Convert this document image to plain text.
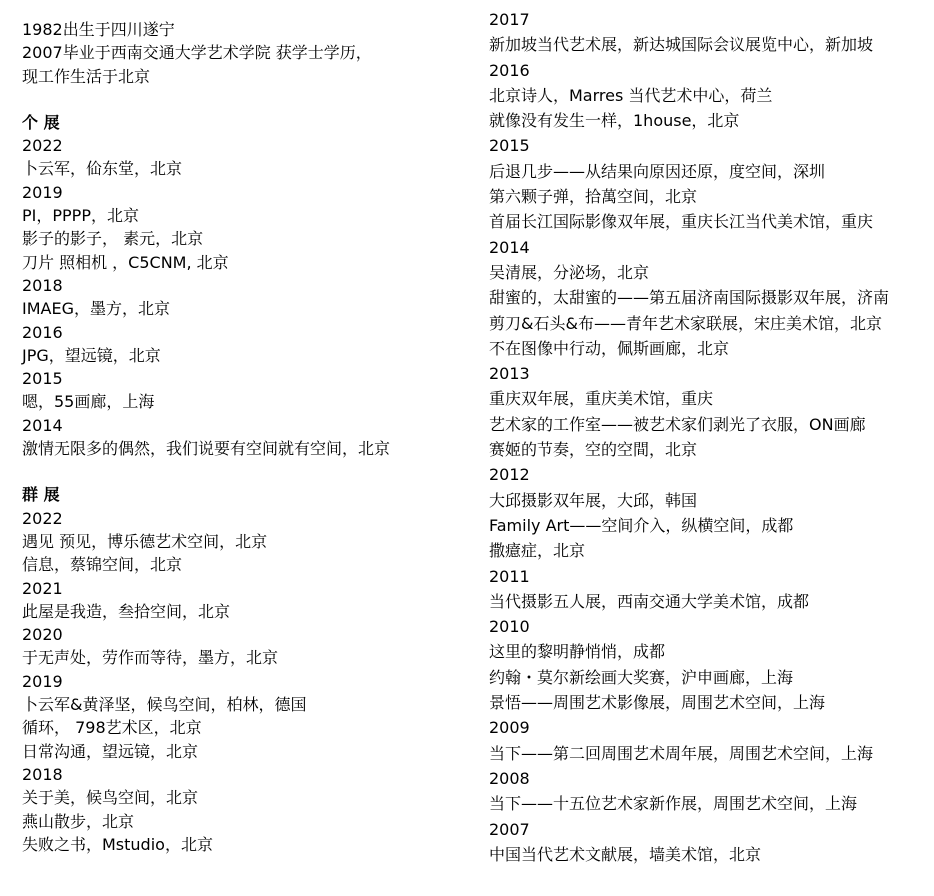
1982出生于四川遂宁
2007毕业于西南交通大学艺术学院 获学士学历，
现工作生活于北京
个 展
2022
卜云军，佡东堂，北京
2019
PI，PPPP，北京
影子的影子， 素元，北京
刀片 照相机 ，C5CNM, 北京
2018
IMAEG，墨方，北京
2016
JPG，望远镜，北京
2015
嗯，55画廊，上海
2014
激情无限多的偶然，我们说要有空间就有空间，北京
群 展
2022
遇见 预见，博乐德艺术空间，北京
信息，蔡锦空间，北京
2021
此屋是我造，叁拾空间，北京
2020
于无声处，劳作而等待，墨方，北京
2019
卜云军&黄泽坚，候鸟空间，柏林，德国
循环， 798艺术区，北京
日常沟通，望远镜，北京
2018
关于美，候鸟空间，北京
燕山散步，北京
失败之书，Mstudio，北京
2017
新加坡当代艺术展，新达城国际会议展览中心，新加坡
2016
北京诗人，Marres 当代艺术中心，荷兰
就像没有发生一样，1house，北京
2015
后退几步——从结果向原因还原，度空间，深圳
第六颗子弹，拾萬空间，北京
首届长江国际影像双年展，重庆长江当代美术馆，重庆
2014
吴清展，分泌场，北京
甜蜜的，太甜蜜的——第五届济南国际摄影双年展，济南
剪刀&石头&布——青年艺术家联展，宋庄美术馆，北京
不在图像中行动，佩斯画廊，北京
2013
重庆双年展，重庆美术馆，重庆
艺术家的工作室——被艺术家们剥光了衣服，ON画廊
赛姬的节奏，空的空間，北京
2012
大邱摄影双年展，大邱，韩国
Family Art——空间介入，纵横空间，成都
撒癔症，北京
2011
当代摄影五人展，西南交通大学美术馆，成都
2010
这里的黎明静悄悄，成都
约翰・莫尔新绘画大奖赛，沪申画廊，上海
景悟——周围艺术影像展，周围艺术空间，上海
2009
当下——第二回周围艺术周年展，周围艺术空间，上海
2008
当下——十五位艺术家新作展，周围艺术空间，上海
2007
中国当代艺术文献展，墙美术馆，北京
